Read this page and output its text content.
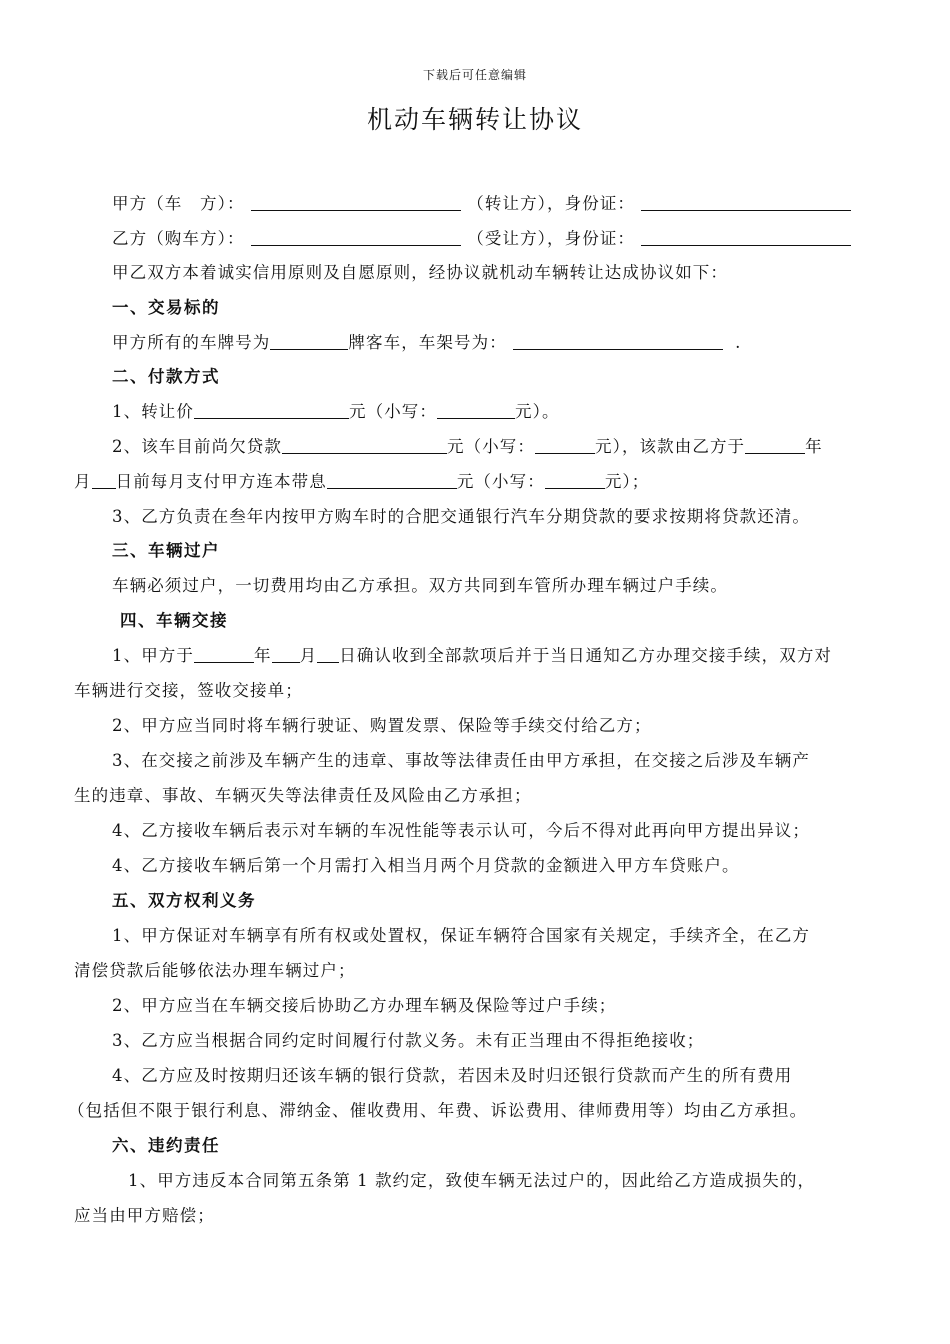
下载后可任意编辑
机动车辆转让协议
甲方（车　方）：	（转让方），身份证：
乙方（购车方）：	（受让方），身份证：
甲乙双方本着诚实信用原则及自愿原则，经协议就机动车辆转让达成协议如下：
一、交易标的
甲方所有的车牌号为	牌客车，车架号为：	.
二、付款方式
1、转让价	元（小写：	元）。
2、该车目前尚欠贷款	元（小写：	元），该款由乙方于	年
月 日前每月支付甲方连本带息	元（小写：	元）；
3、乙方负责在叁年内按甲方购车时的合肥交通银行汽车分期贷款的要求按期将贷款还清。
三、车辆过户
车辆必须过户，一切费用均由乙方承担。双方共同到车管所办理车辆过户手续。
四、车辆交接
1、甲方于	年 月 日确认收到全部款项后并于当日通知乙方办理交接手续，双方对
车辆进行交接，签收交接单；
2、甲方应当同时将车辆行驶证、购置发票、保险等手续交付给乙方；
3、在交接之前涉及车辆产生的违章、事故等法律责任由甲方承担，在交接之后涉及车辆产
生的违章、事故、车辆灭失等法律责任及风险由乙方承担；
4、乙方接收车辆后表示对车辆的车况性能等表示认可，今后不得对此再向甲方提出异议；
4、乙方接收车辆后第一个月需打入相当月两个月贷款的金额进入甲方车贷账户。
五、双方权利义务
1、甲方保证对车辆享有所有权或处置权，保证车辆符合国家有关规定，手续齐全，在乙方
清偿贷款后能够依法办理车辆过户；
2、甲方应当在车辆交接后协助乙方办理车辆及保险等过户手续；
3、乙方应当根据合同约定时间履行付款义务。未有正当理由不得拒绝接收；
4、乙方应及时按期归还该车辆的银行贷款，若因未及时归还银行贷款而产生的所有费用
（包括但不限于银行利息、滞纳金、催收费用、年费、诉讼费用、律师费用等）均由乙方承担。
六、违约责任
1、甲方违反本合同第五条第 1 款约定，致使车辆无法过户的，因此给乙方造成损失的，
应当由甲方赔偿；
